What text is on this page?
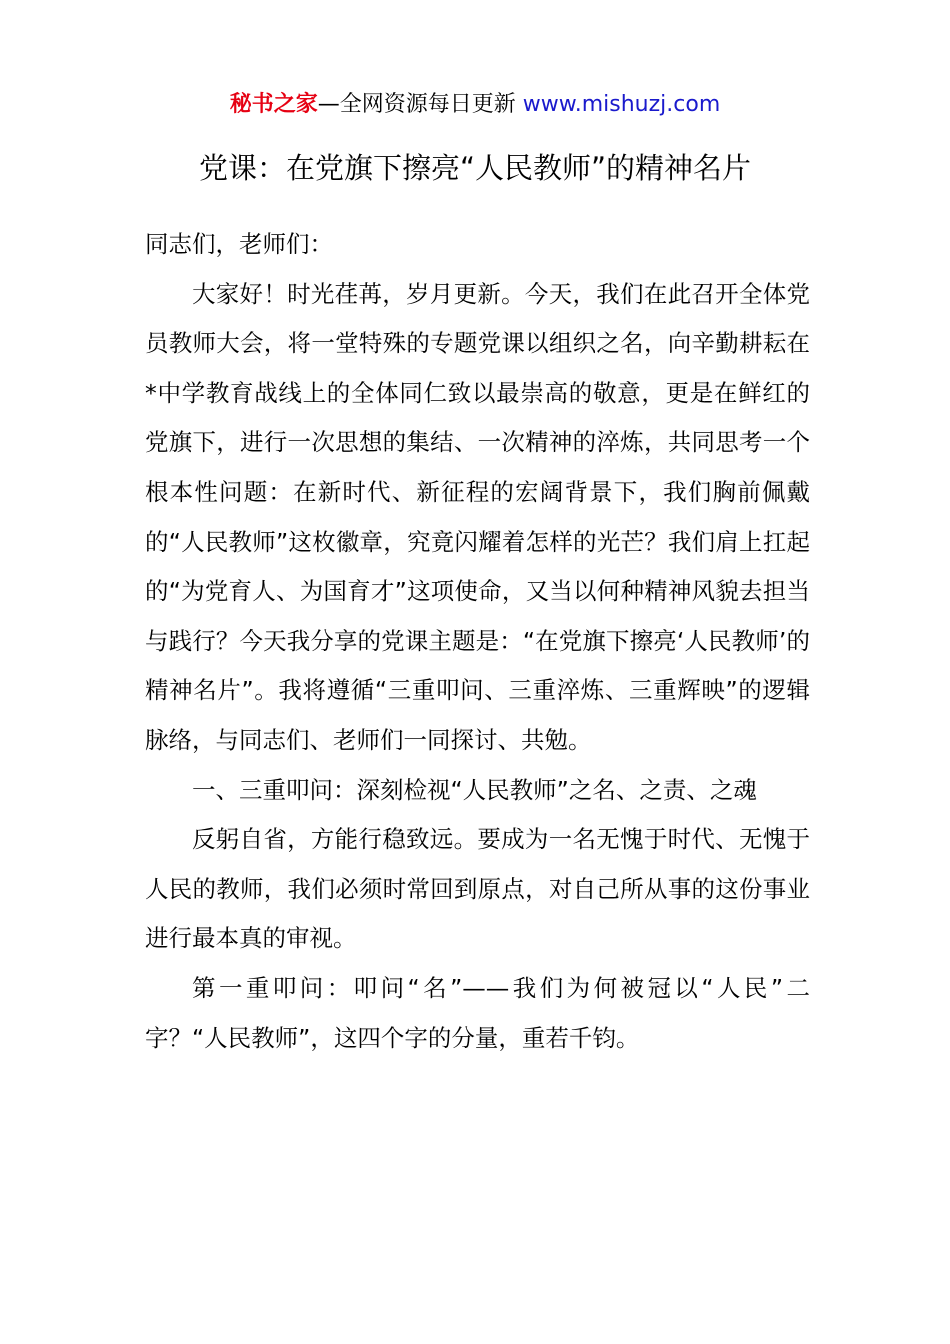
秘书之家—全网资源每日更新 www.mishuzj.com
党课：在党旗下擦亮“人民教师”的精神名片

同志们，老师们：

大家好！时光荏苒，岁月更新。今天，我们在此召开全体党员教师大会，将一堂特殊的专题党课以组织之名，向辛勤耕耘在*中学教育战线上的全体同仁致以最崇高的敬意，更是在鲜红的党旗下，进行一次思想的集结、一次精神的淬炼，共同思考一个根本性问题：在新时代、新征程的宏阔背景下，我们胸前佩戴的“人民教师”这枚徽章，究竟闪耀着怎样的光芒？我们肩上扛起的“为党育人、为国育才”这项使命，又当以何种精神风貌去担当与践行？今天我分享的党课主题是：“在党旗下擦亮‘人民教师’的精神名片”。我将遵循“三重叩问、三重淬炼、三重辉映”的逻辑脉络，与同志们、老师们一同探讨、共勉。

一、三重叩问：深刻检视“人民教师”之名、之责、之魂

反躬自省，方能行稳致远。要成为一名无愧于时代、无愧于人民的教师，我们必须时常回到原点，对自己所从事的这份事业进行最本真的审视。

第一重叩问：叩问“名”——我们为何被冠以“人民”二字？“人民教师”，这四个字的分量，重若千钧。
